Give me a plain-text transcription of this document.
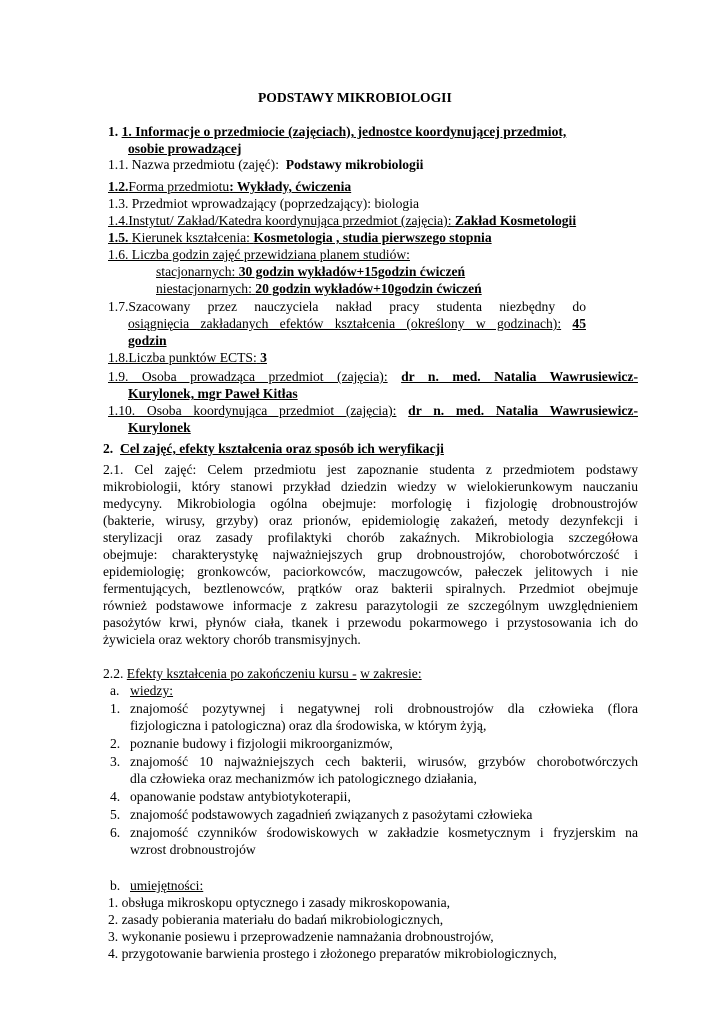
PODSTAWY MIKROBIOLOGII
1. 1. Informacje o przedmiocie (zajęciach), jednostce koordynującej przedmiot,
osobie prowadzącej
1.1. Nazwa przedmiotu (zajęć): Podstawy mikrobiologii
1.2.Forma przedmiotu: Wykłady, ćwiczenia
1.3. Przedmiot wprowadzający (poprzedzający): biologia
1.4.Instytut/ Zakład/Katedra koordynująca przedmiot (zajęcia): Zakład Kosmetologii
1.5. Kierunek kształcenia: Kosmetologia , studia pierwszego stopnia
1.6. Liczba godzin zajęć przewidziana planem studiów:
stacjonarnych: 30 godzin wykładów+15godzin ćwiczeń
niestacjonarnych: 20 godzin wykładów+10godzin ćwiczeń
1.7.Szacowany przez nauczyciela nakład pracy studenta niezbędny do
osiągnięcia zakładanych efektów kształcenia (określony w godzinach): 45
godzin
1.8.Liczba punktów ECTS: 3
1.9. Osoba prowadząca przedmiot (zajęcia): dr n. med. Natalia Wawrusiewicz-
Kurylonek, mgr Paweł Kitłas
1.10. Osoba koordynująca przedmiot (zajęcia): dr n. med. Natalia Wawrusiewicz-
Kurylonek
2. Cel zajęć, efekty kształcenia oraz sposób ich weryfikacji
2.1. Cel zajęć: Celem przedmiotu jest zapoznanie studenta z przedmiotem podstawy
mikrobiologii, który stanowi przykład dziedzin wiedzy w wielokierunkowym nauczaniu
medycyny. Mikrobiologia ogólna obejmuje: morfologię i fizjologię drobnoustrojów
(bakterie, wirusy, grzyby) oraz prionów, epidemiologię zakażeń, metody dezynfekcji i
sterylizacji oraz zasady profilaktyki chorób zakaźnych. Mikrobiologia szczegółowa
obejmuje: charakterystykę najważniejszych grup drobnoustrojów, chorobotwórczość i
epidemiologię; gronkowców, paciorkowców, maczugowców, pałeczek jelitowych i nie
fermentujących, beztlenowców, prątków oraz bakterii spiralnych. Przedmiot obejmuje
również podstawowe informacje z zakresu parazytologii ze szczególnym uwzględnieniem
pasożytów krwi, płynów ciała, tkanek i przewodu pokarmowego i przystosowania ich do
żywiciela oraz wektory chorób transmisyjnych.
2.2. Efekty kształcenia po zakończeniu kursu - w zakresie:
a. wiedzy:
1. znajomość pozytywnej i negatywnej roli drobnoustrojów dla człowieka (flora
fizjologiczna i patologiczna) oraz dla środowiska, w którym żyją,
2. poznanie budowy i fizjologii mikroorganizmów,
3. znajomość 10 najważniejszych cech bakterii, wirusów, grzybów chorobotwórczych
dla człowieka oraz mechanizmów ich patologicznego działania,
4. opanowanie podstaw antybiotykoterapii,
5. znajomość podstawowych zagadnień związanych z pasożytami człowieka
6. znajomość czynników środowiskowych w zakładzie kosmetycznym i fryzjerskim na
wzrost drobnoustrojów
b. umiejętności:
1. obsługa mikroskopu optycznego i zasady mikroskopowania,
2. zasady pobierania materiału do badań mikrobiologicznych,
3. wykonanie posiewu i przeprowadzenie namnażania drobnoustrojów,
4. przygotowanie barwienia prostego i złożonego preparatów mikrobiologicznych,
